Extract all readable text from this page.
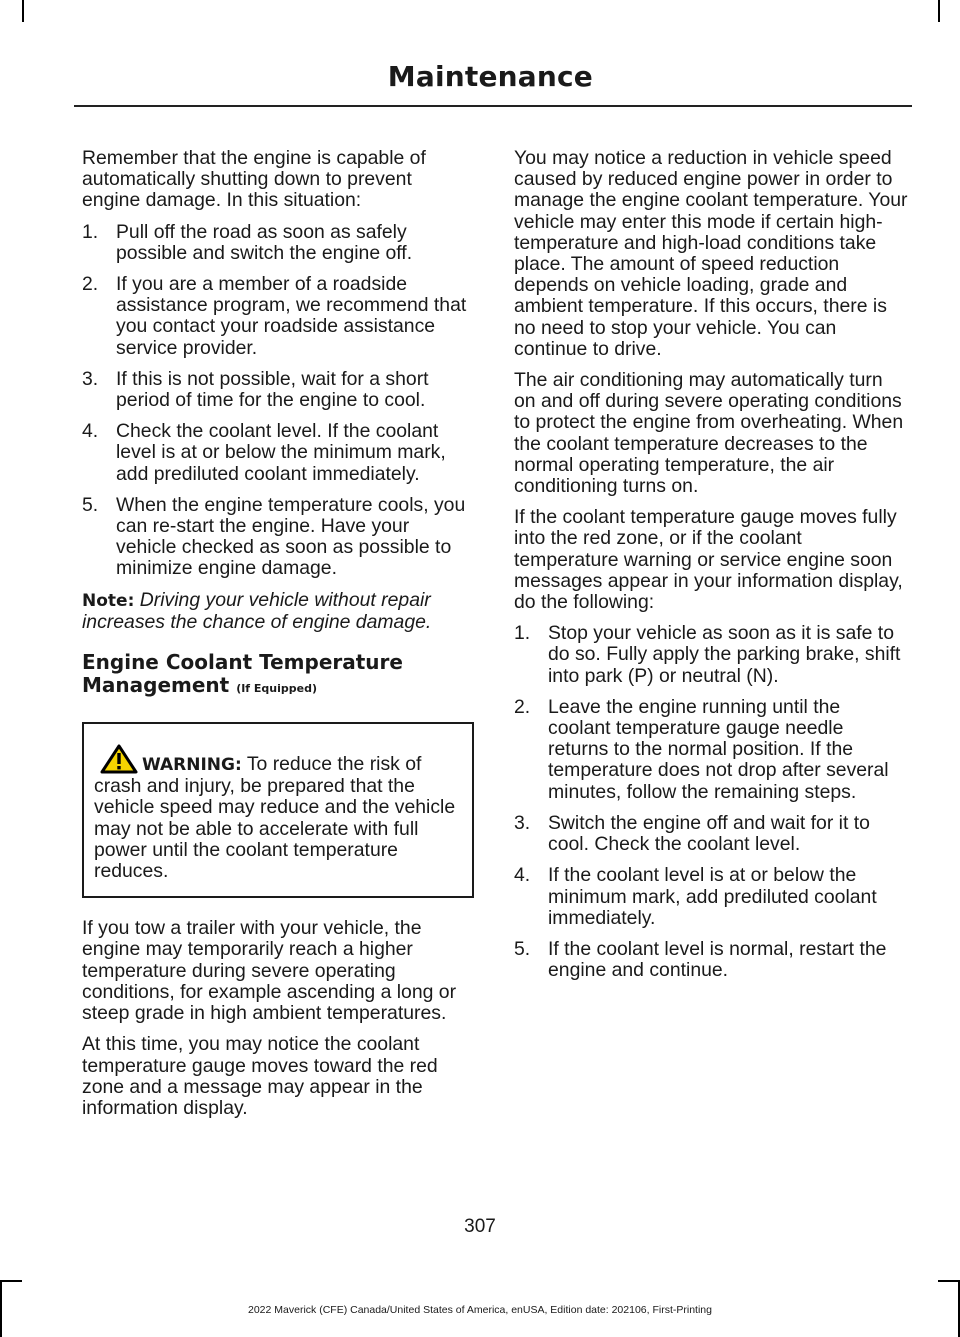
Maintenance

Remember that the engine is capable of automatically shutting down to prevent engine damage. In this situation:

1. Pull off the road as soon as safely possible and switch the engine off.
2. If you are a member of a roadside assistance program, we recommend that you contact your roadside assistance service provider.
3. If this is not possible, wait for a short period of time for the engine to cool.
4. Check the coolant level. If the coolant level is at or below the minimum mark, add prediluted coolant immediately.
5. When the engine temperature cools, you can re-start the engine. Have your vehicle checked as soon as possible to minimize engine damage.

Note: Driving your vehicle without repair increases the chance of engine damage.

Engine Coolant Temperature Management (If Equipped)
WARNING: To reduce the risk of crash and injury, be prepared that the vehicle speed may reduce and the vehicle may not be able to accelerate with full power until the coolant temperature reduces.

If you tow a trailer with your vehicle, the engine may temporarily reach a higher temperature during severe operating conditions, for example ascending a long or steep grade in high ambient temperatures.

At this time, you may notice the coolant temperature gauge moves toward the red zone and a message may appear in the information display.

You may notice a reduction in vehicle speed caused by reduced engine power in order to manage the engine coolant temperature. Your vehicle may enter this mode if certain high-temperature and high-load conditions take place. The amount of speed reduction depends on vehicle loading, grade and ambient temperature. If this occurs, there is no need to stop your vehicle. You can continue to drive.

The air conditioning may automatically turn on and off during severe operating conditions to protect the engine from overheating. When the coolant temperature decreases to the normal operating temperature, the air conditioning turns on.

If the coolant temperature gauge moves fully into the red zone, or if the coolant temperature warning or service engine soon messages appear in your information display, do the following:

1. Stop your vehicle as soon as it is safe to do so. Fully apply the parking brake, shift into park (P) or neutral (N).
2. Leave the engine running until the coolant temperature gauge needle returns to the normal position. If the temperature does not drop after several minutes, follow the remaining steps.
3. Switch the engine off and wait for it to cool. Check the coolant level.
4. If the coolant level is at or below the minimum mark, add prediluted coolant immediately.
5. If the coolant level is normal, restart the engine and continue.

307

2022 Maverick (CFE) Canada/United States of America, enUSA, Edition date: 202106, First-Printing
